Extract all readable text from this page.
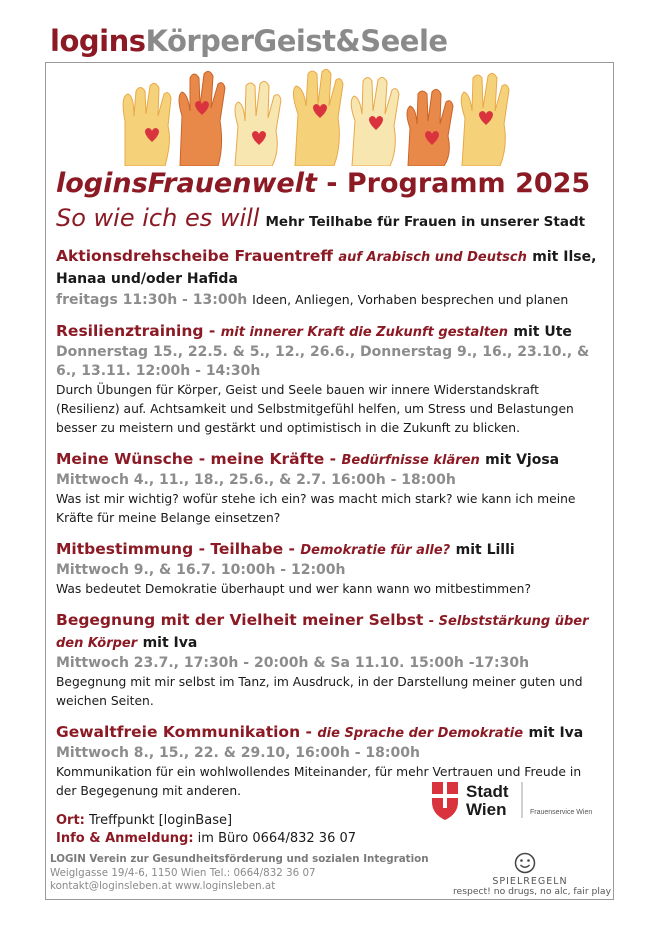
loginsKörperGeist&Seele
loginsFrauenwelt - Programm 2025
So wie ich es will Mehr Teilhabe für Frauen in unserer Stadt
Aktionsdrehscheibe Frauentreff auf Arabisch und Deutsch mit Ilse, Hanaa und/oder Hafida
freitags 11:30h - 13:00h Ideen, Anliegen, Vorhaben besprechen und planen
Resilienztraining - mit innerer Kraft die Zukunft gestalten mit Ute
Donnerstag 15., 22.5. & 5., 12., 26.6., Donnerstag 9., 16., 23.10., & 6., 13.11. 12:00h - 14:30h
Durch Übungen für Körper, Geist und Seele bauen wir innere Widerstandskraft (Resilienz) auf. Achtsamkeit und Selbstmitgefühl helfen, um Stress und Belastungen besser zu meistern und gestärkt und optimistisch in die Zukunft zu blicken.
Meine Wünsche - meine Kräfte - Bedürfnisse klären mit Vjosa
Mittwoch 4., 11., 18., 25.6., & 2.7. 16:00h - 18:00h
Was ist mir wichtig? wofür stehe ich ein? was macht mich stark? wie kann ich meine Kräfte für meine Belange einsetzen?
Mitbestimmung - Teilhabe - Demokratie für alle? mit Lilli
Mittwoch 9., & 16.7. 10:00h - 12:00h
Was bedeutet Demokratie überhaupt und wer kann wann wo mitbestimmen?
Begegnung mit der Vielheit meiner Selbst - Selbststärkung über den Körper mit Iva
Mittwoch 23.7., 17:30h - 20:00h & Sa 11.10. 15:00h -17:30h
Begegnung mit mir selbst im Tanz, im Ausdruck, in der Darstellung meiner guten und weichen Seiten.
Gewaltfreie Kommunikation - die Sprache der Demokratie mit Iva
Mittwoch 8., 15., 22. & 29.10, 16:00h - 18:00h
Kommunikation für ein wohlwollendes Miteinander, für mehr Vertrauen und Freude in der Begegenung mit anderen.	Stadt
Wien	Frauenservice Wien
Ort: Treffpunkt [loginBase]
Info & Anmeldung: im Büro 0664/832 36 07
LOGIN Verein zur Gesundheitsförderung und sozialen Integration
Weiglgasse 19/4-6, 1150 Wien Tel.: 0664/832 36 07
kontakt@loginsleben.at www.loginsleben.at	SPIELREGELN
respect! no drugs, no alc, fair play
